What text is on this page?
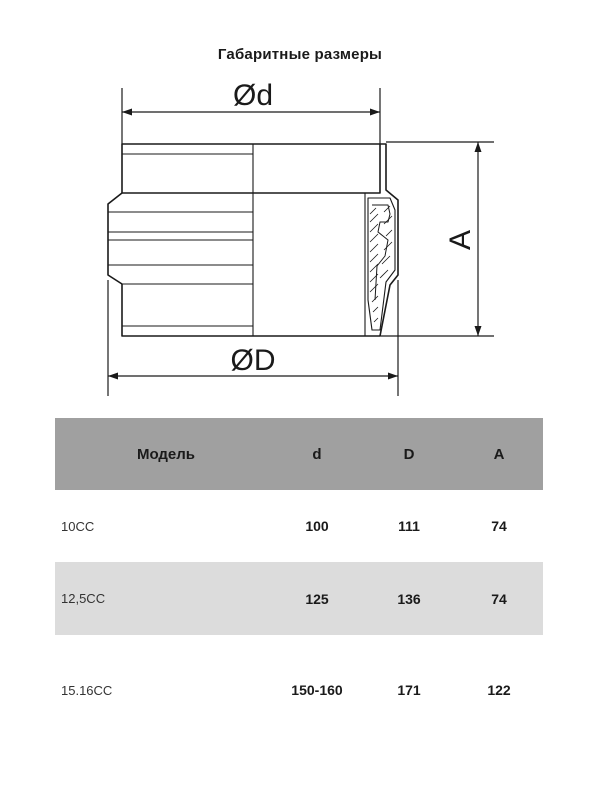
Габаритные размеры
Ød
ØD
A
Модель	d	D	A
10CC	100	111	74
12,5CC	125	136	74
15.16CC	150-160	171	122
